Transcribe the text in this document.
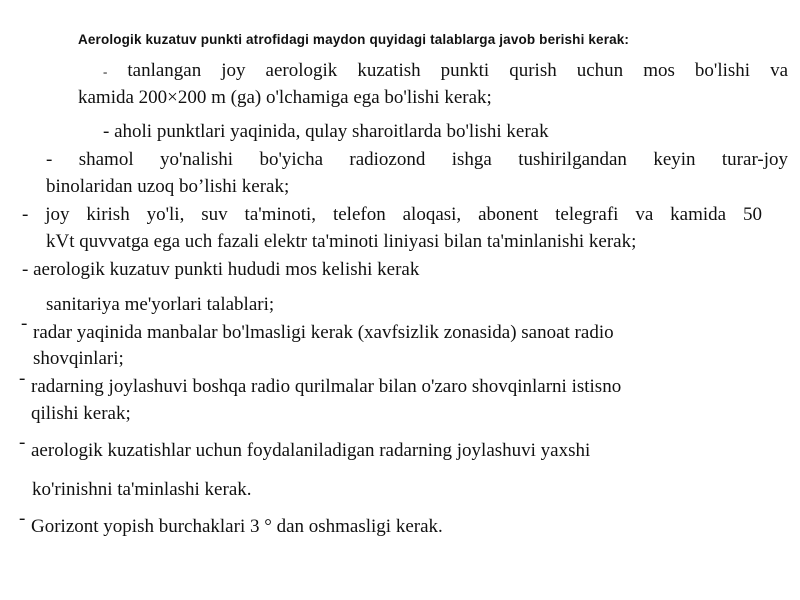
Aerologik kuzatuv punkti atrofidagi maydon quyidagi talablarga javob berishi kerak:
- tanlangan joy aerologik kuzatish punkti qurish uchun mos bo'lishi va
kamida 200×200 m (ga) o'lchamiga ega bo'lishi kerak;
- aholi punktlari yaqinida, qulay sharoitlarda bo'lishi kerak
- shamol yo'nalishi bo'yicha radiozond ishga tushirilgandan keyin turar-joy
binolaridan uzoq bo’lishi kerak;
- joy kirish yo'li, suv ta'minoti, telefon aloqasi, abonent telegrafi va kamida 50
kVt quvvatga ega uch fazali elektr ta'minoti liniyasi bilan ta'minlanishi kerak;
- aerologik kuzatuv punkti hududi mos kelishi kerak
sanitariya me'yorlari talablari;
- radar yaqinida manbalar bo'lmasligi kerak (xavfsizlik zonasida) sanoat radio
shovqinlari;
- radarning joylashuvi boshqa radio qurilmalar bilan o'zaro shovqinlarni istisno
qilishi kerak;
- aerologik kuzatishlar uchun foydalaniladigan radarning joylashuvi yaxshi
ko'rinishni ta'minlashi kerak.
- Gorizont yopish burchaklari 3 ° dan oshmasligi kerak.
